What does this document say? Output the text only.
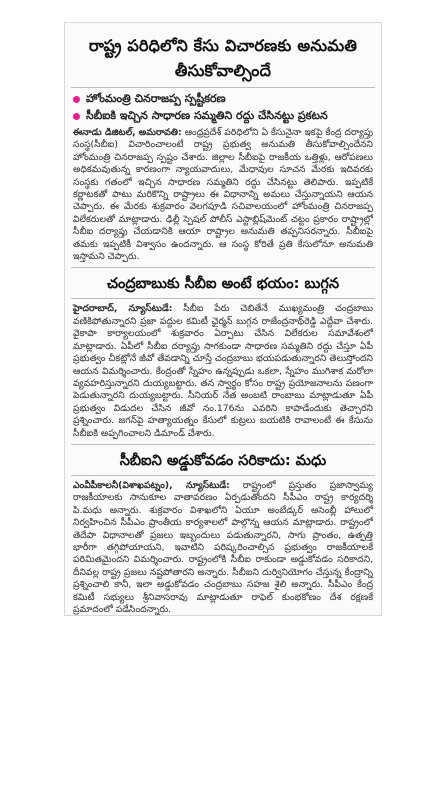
రాష్ట్ర పరిధిలోని కేసు విచారణకు అనుమతి తీసుకోవాల్సిందే
హోంమంత్రి చినరాజప్ప స్పష్టీకరణ
సీబీఐకి ఇచ్చిన సాధారణ సమ్మతిని రద్దు చేసినట్టు ప్రకటన
ఈనాడు డిజిటల్, అమరావతి: ఆంధ్రప్రదేశ్ పరిధిలోని ఏ కేసునైనా ఇకపై కేంద్ర దర్యాప్తు సంస్థ(సీబీఐ) విచారించాలంటే రాష్ట్ర ప్రభుత్వ అనుమతి తీసుకోవాల్సిందేనని హోంమంత్రి చినరాజప్ప స్పష్టం చేశారు. జిల్లాల సీబీఐపై రాజకీయ ఒత్తిళ్లు, ఆరోపణలు అధికమవుతున్న కారణంగా న్యాయవాదులు, మేధావుల సూచన మేరకు ఇదివరకు సంస్థకు గతంలో ఇచ్చిన సాధారణ సమ్మతిని రద్దు చేసినట్టు తెలిపారు. ఇప్పటికే కర్ణాటకతో పాటు మరికొన్ని రాష్ట్రాలు ఈ విధానాన్ని అమలు చేస్తున్నాయని ఆయన చెప్పారు. ఈ మేరకు శుక్రవారం వెలగపూడి సచివాలయంలో హోంమంత్రి చినరాజప్ప విలేకరులతో మాట్లాడారు. ఢిల్లీ స్పెషల్ పోలీస్ ఎస్టాబ్లిష్‌మెంట్ చట్టం ప్రకారం రాష్ట్రాల్లో సీబీఐ దర్యాప్తు చేయడానికి ఆయా రాష్ట్రాల అనుమతి తప్పనిసరన్నారు. సీబీఐపై తమకు ఇప్పటికీ విశ్వాసం ఉందన్నారు. ఆ సంస్థ కోరితే ప్రతి కేసులోనూ అనుమతి ఇస్తామని చెప్పారు.
చంద్రబాబుకు సీబీఐ అంటే భయం: బుగ్గన
హైదరాబాద్, న్యూస్‌టుడే: సీబీఐ పేరు చెబితేనే ముఖ్యమంత్రి చంద్రబాబు వణికిపోతున్నారని ప్రజా పద్దుల కమిటీ ఛైర్మన్ బుగ్గన రాజేంద్రనాథ్‌రెడ్డి ఎద్దేవా చేశారు. వైకాపా కార్యాలయంలో శుక్రవారం ఏర్పాటు చేసిన విలేకరుల సమావేశంలో మాట్లాడారు. ఏపీలో సీబీఐ దర్యాప్తు సాగకుండా సాధారణ సమ్మతిని రద్దు చేస్తూ ఏపీ ప్రభుత్వం చీకట్లోనే జీవో తేవడాన్ని చూస్తే చంద్రబాబు భయపడుతున్నారని తెలుస్తోందని ఆయన విమర్శించారు. కేంద్రంతో స్నేహం ఉన్నప్పుడు ఒకలా, స్నేహం ముగిశాక మరోలా వ్యవహరిస్తున్నారని దుయ్యబట్టారు. తన స్వార్థం కోసం రాష్ట్ర ప్రయోజనాలను పణంగా పెడుతున్నారని దుయ్యబట్టారు. సీనియర్ నేత అంబటి రాంబాబు మాట్లాడుతూ ఏపీ ప్రభుత్వం విడుదల చేసిన జీవో నం.176ను ఎవరిని కాపాడేందుకు తెచ్చారని ప్రశ్నించారు. జగన్‌పై హత్యాయత్నం కేసులో కుట్రలు బయటికి రావాలంటే ఈ కేసును సీబీఐకి అప్పగించాలని డిమాండ్ చేశారు.
సీబీఐని అడ్డుకోవడం సరికాదు: మధు
ఎంవీపీకాలనీ(విశాఖపట్నం), న్యూస్‌టుడే: రాష్ట్రంలో ప్రస్తుతం ప్రజాస్వామ్య రాజకీయాలకు సానుకూల వాతావరణం ఏర్పడుతోందని సీపీఎం రాష్ట్ర కార్యదర్శి పి.మధు అన్నారు. శుక్రవారం విశాఖలోని ఏయూ అంబేడ్కర్ అసెంబ్లీ హాలులో నిర్వహించిన సీపీఎం ప్రాంతీయ కార్యశాలలో పాల్గొన్న ఆయన మాట్లాడారు. రాష్ట్రంలో తెదేపా విధానాలతో ప్రజలు ఇబ్బందులు పడుతున్నారని, సాగు ప్రాంతం, ఉత్పత్తి భారీగా తగ్గిపోయాయని, ఇవాటిని పరిష్కరించాల్సిన ప్రభుత్వం రాజకీయాలకే పరిమితమైందని విమర్శించారు. రాష్ట్రంలోకి సీబీఐ రాకుండా అడ్డుకోవడం సరికాదని, దీనివల్ల రాష్ట్ర ప్రజలు నష్టపోతారని అన్నారు. సీబీఐని దుర్వినియోగం చేస్తున్న కేంద్రాన్ని ప్రశ్నించాలి కానీ, ఇలా అడ్డుకోవడం చంద్రబాబు సహజ శైలి అన్నారు. సీపీఎం కేంద్ర కమిటీ సభ్యులు శ్రీనివాసరావు మాట్లాడుతూ రాఫెల్ కుంభకోణం దేశ రక్షణకే ప్రమాదంలో పడేసిందన్నారు.
